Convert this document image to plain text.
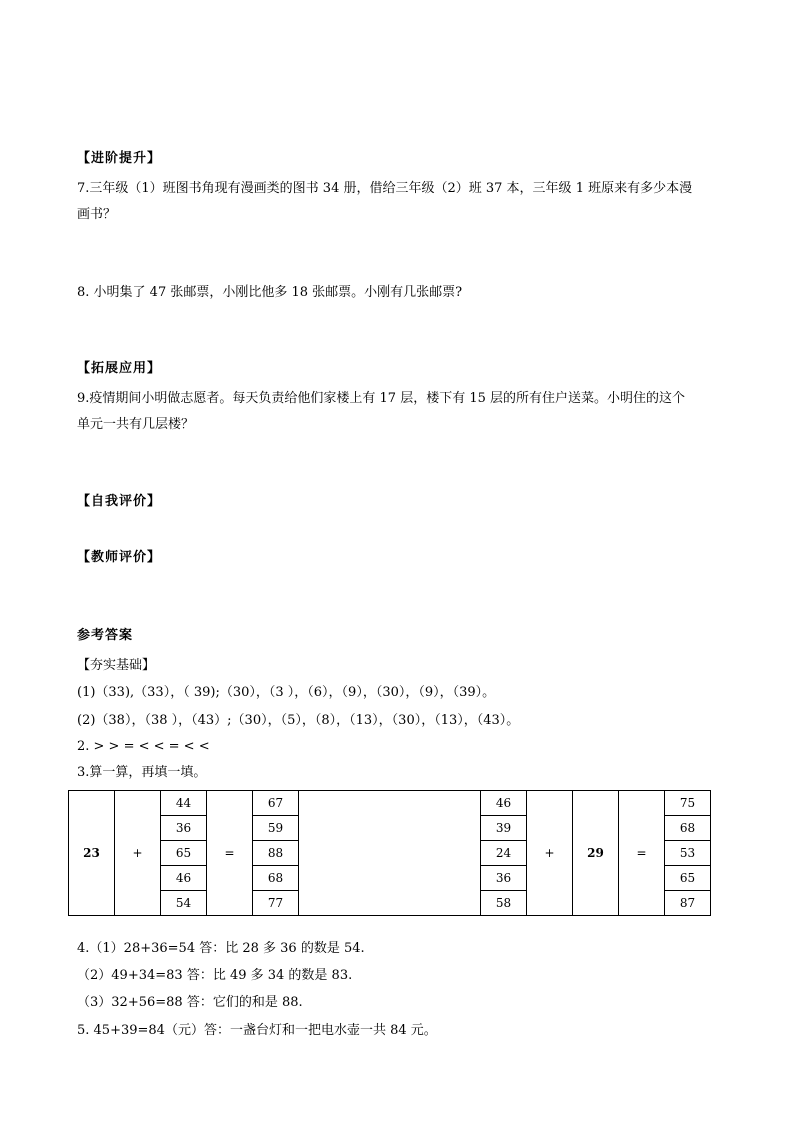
【进阶提升】
7.三年级（1）班图书角现有漫画类的图书 34 册，借给三年级（2）班 37 本，三年级 1 班原来有多少本漫
画书？
8. 小明集了 47 张邮票，小刚比他多 18 张邮票。小刚有几张邮票?
【拓展应用】
9.疫情期间小明做志愿者。每天负责给他们家楼上有 17 层，楼下有 15 层的所有住户送菜。小明住的这个
单元一共有几层楼？
【自我评价】
【教师评价】
参考答案
【夯实基础】
(1)（33),（33），（ 39);（30），（3 ），（6），（9），（30），（9），（39）。
(2)（38），（38 ），（43）;（30），（5），（8），（13），（30），（13），（43）。
2. > > = < < = < <
3.算一算，再填一填。
23	+	44	=	67		46	+	29	=	75
		36		59		39				68
		65		88		24				53
		46		68		36				65
		54		77		58				87
4.（1）28+36=54 答：比 28 多 36 的数是 54.
（2）49+34=83 答：比 49 多 34 的数是 83.
（3）32+56=88 答：它们的和是 88.
5. 45+39=84（元）答：一盏台灯和一把电水壶一共 84 元。
